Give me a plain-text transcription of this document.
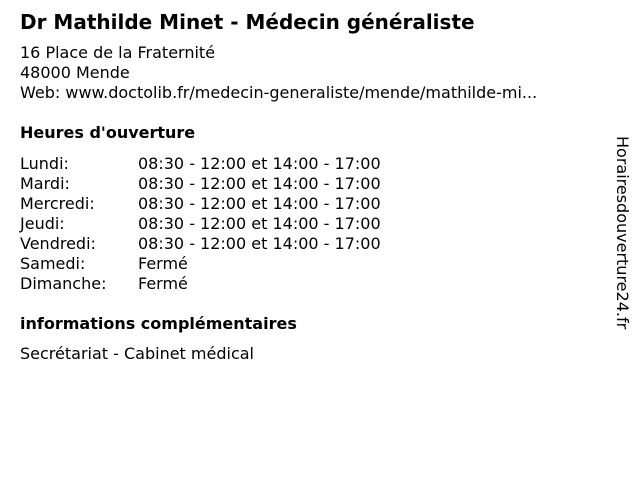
Dr Mathilde Minet - Médecin généraliste
16 Place de la Fraternité
48000 Mende
Web: www.doctolib.fr/medecin-generaliste/mende/mathilde-mi...
Heures d'ouverture
Lundi:	08:30 - 12:00 et 14:00 - 17:00
Mardi:	08:30 - 12:00 et 14:00 - 17:00
Mercredi:	08:30 - 12:00 et 14:00 - 17:00
Jeudi:	08:30 - 12:00 et 14:00 - 17:00
Vendredi:	08:30 - 12:00 et 14:00 - 17:00
Samedi:	Fermé
Dimanche: Fermé
informations complémentaires
Secrétariat - Cabinet médical
Horairesdouverture24.fr
